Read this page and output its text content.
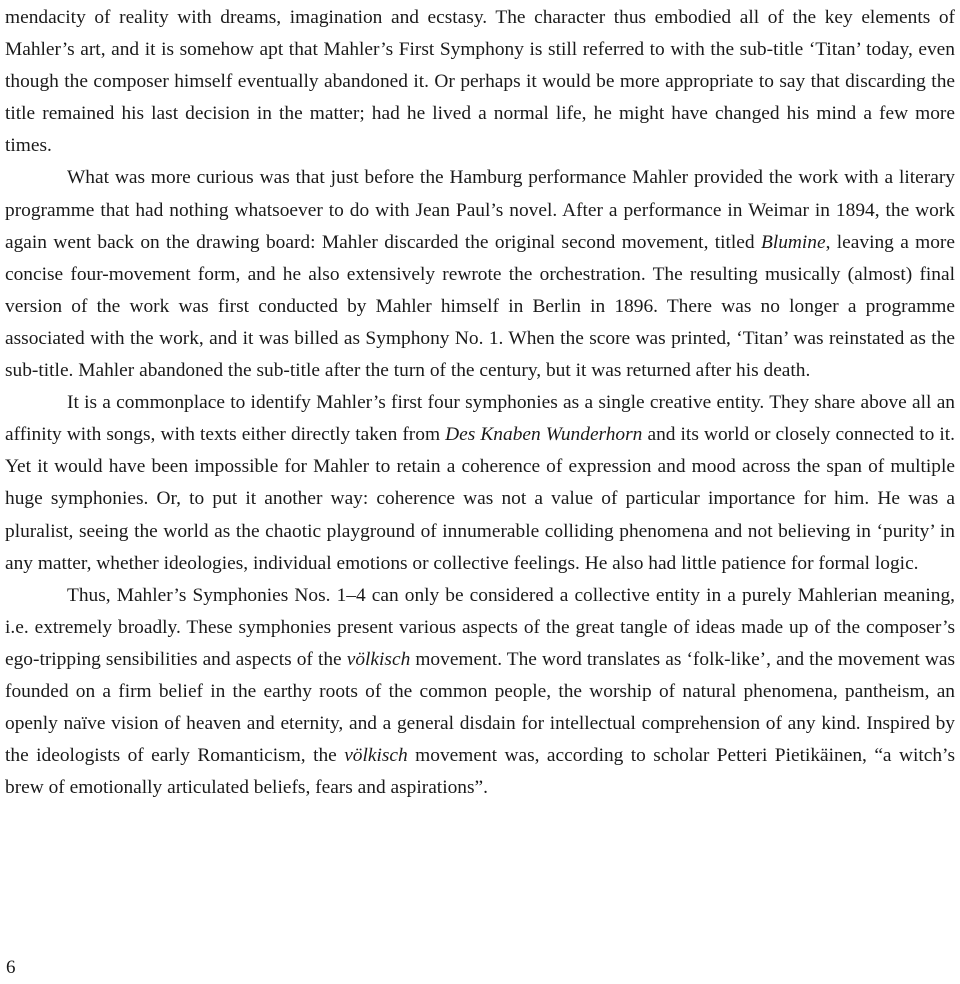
mendacity of reality with dreams, imagination and ecstasy. The character thus embodied all of the key elements of Mahler’s art, and it is somehow apt that Mahler’s First Symphony is still referred to with the sub-title ‘Titan’ today, even though the composer himself eventually abandoned it. Or perhaps it would be more appropriate to say that discarding the title remained his last decision in the matter; had he lived a normal life, he might have changed his mind a few more times.

What was more curious was that just before the Hamburg performance Mahler provided the work with a literary programme that had nothing whatsoever to do with Jean Paul’s novel. After a performance in Weimar in 1894, the work again went back on the drawing board: Mahler discarded the original second movement, titled Blumine, leaving a more concise four-movement form, and he also extensively rewrote the orchestration. The resulting musically (almost) final version of the work was first conducted by Mahler himself in Berlin in 1896. There was no longer a programme associated with the work, and it was billed as Symphony No. 1. When the score was printed, ‘Titan’ was reinstated as the sub-title. Mahler abandoned the sub-title after the turn of the century, but it was returned after his death.

It is a commonplace to identify Mahler’s first four symphonies as a single creative entity. They share above all an affinity with songs, with texts either directly taken from Des Knaben Wunderhorn and its world or closely connected to it. Yet it would have been impossible for Mahler to retain a coherence of expression and mood across the span of multiple huge symphonies. Or, to put it another way: coherence was not a value of particular importance for him. He was a pluralist, seeing the world as the chaotic playground of innumerable colliding phenomena and not believing in ‘purity’ in any matter, whether ideologies, individual emotions or collective feelings. He also had little patience for formal logic.

Thus, Mahler’s Symphonies Nos. 1–4 can only be considered a collective entity in a purely Mahlerian meaning, i.e. extremely broadly. These symphonies present various aspects of the great tangle of ideas made up of the composer’s ego-tripping sensibilities and aspects of the völkisch movement. The word translates as ‘folk-like’, and the movement was founded on a firm belief in the earthy roots of the common people, the worship of natural phenomena, pantheism, an openly naïve vision of heaven and eternity, and a general disdain for intellectual comprehension of any kind. Inspired by the ideologists of early Romanticism, the völkisch movement was, according to scholar Petteri Pietikäinen, “a witch’s brew of emotionally articulated beliefs, fears and aspirations”.

6
